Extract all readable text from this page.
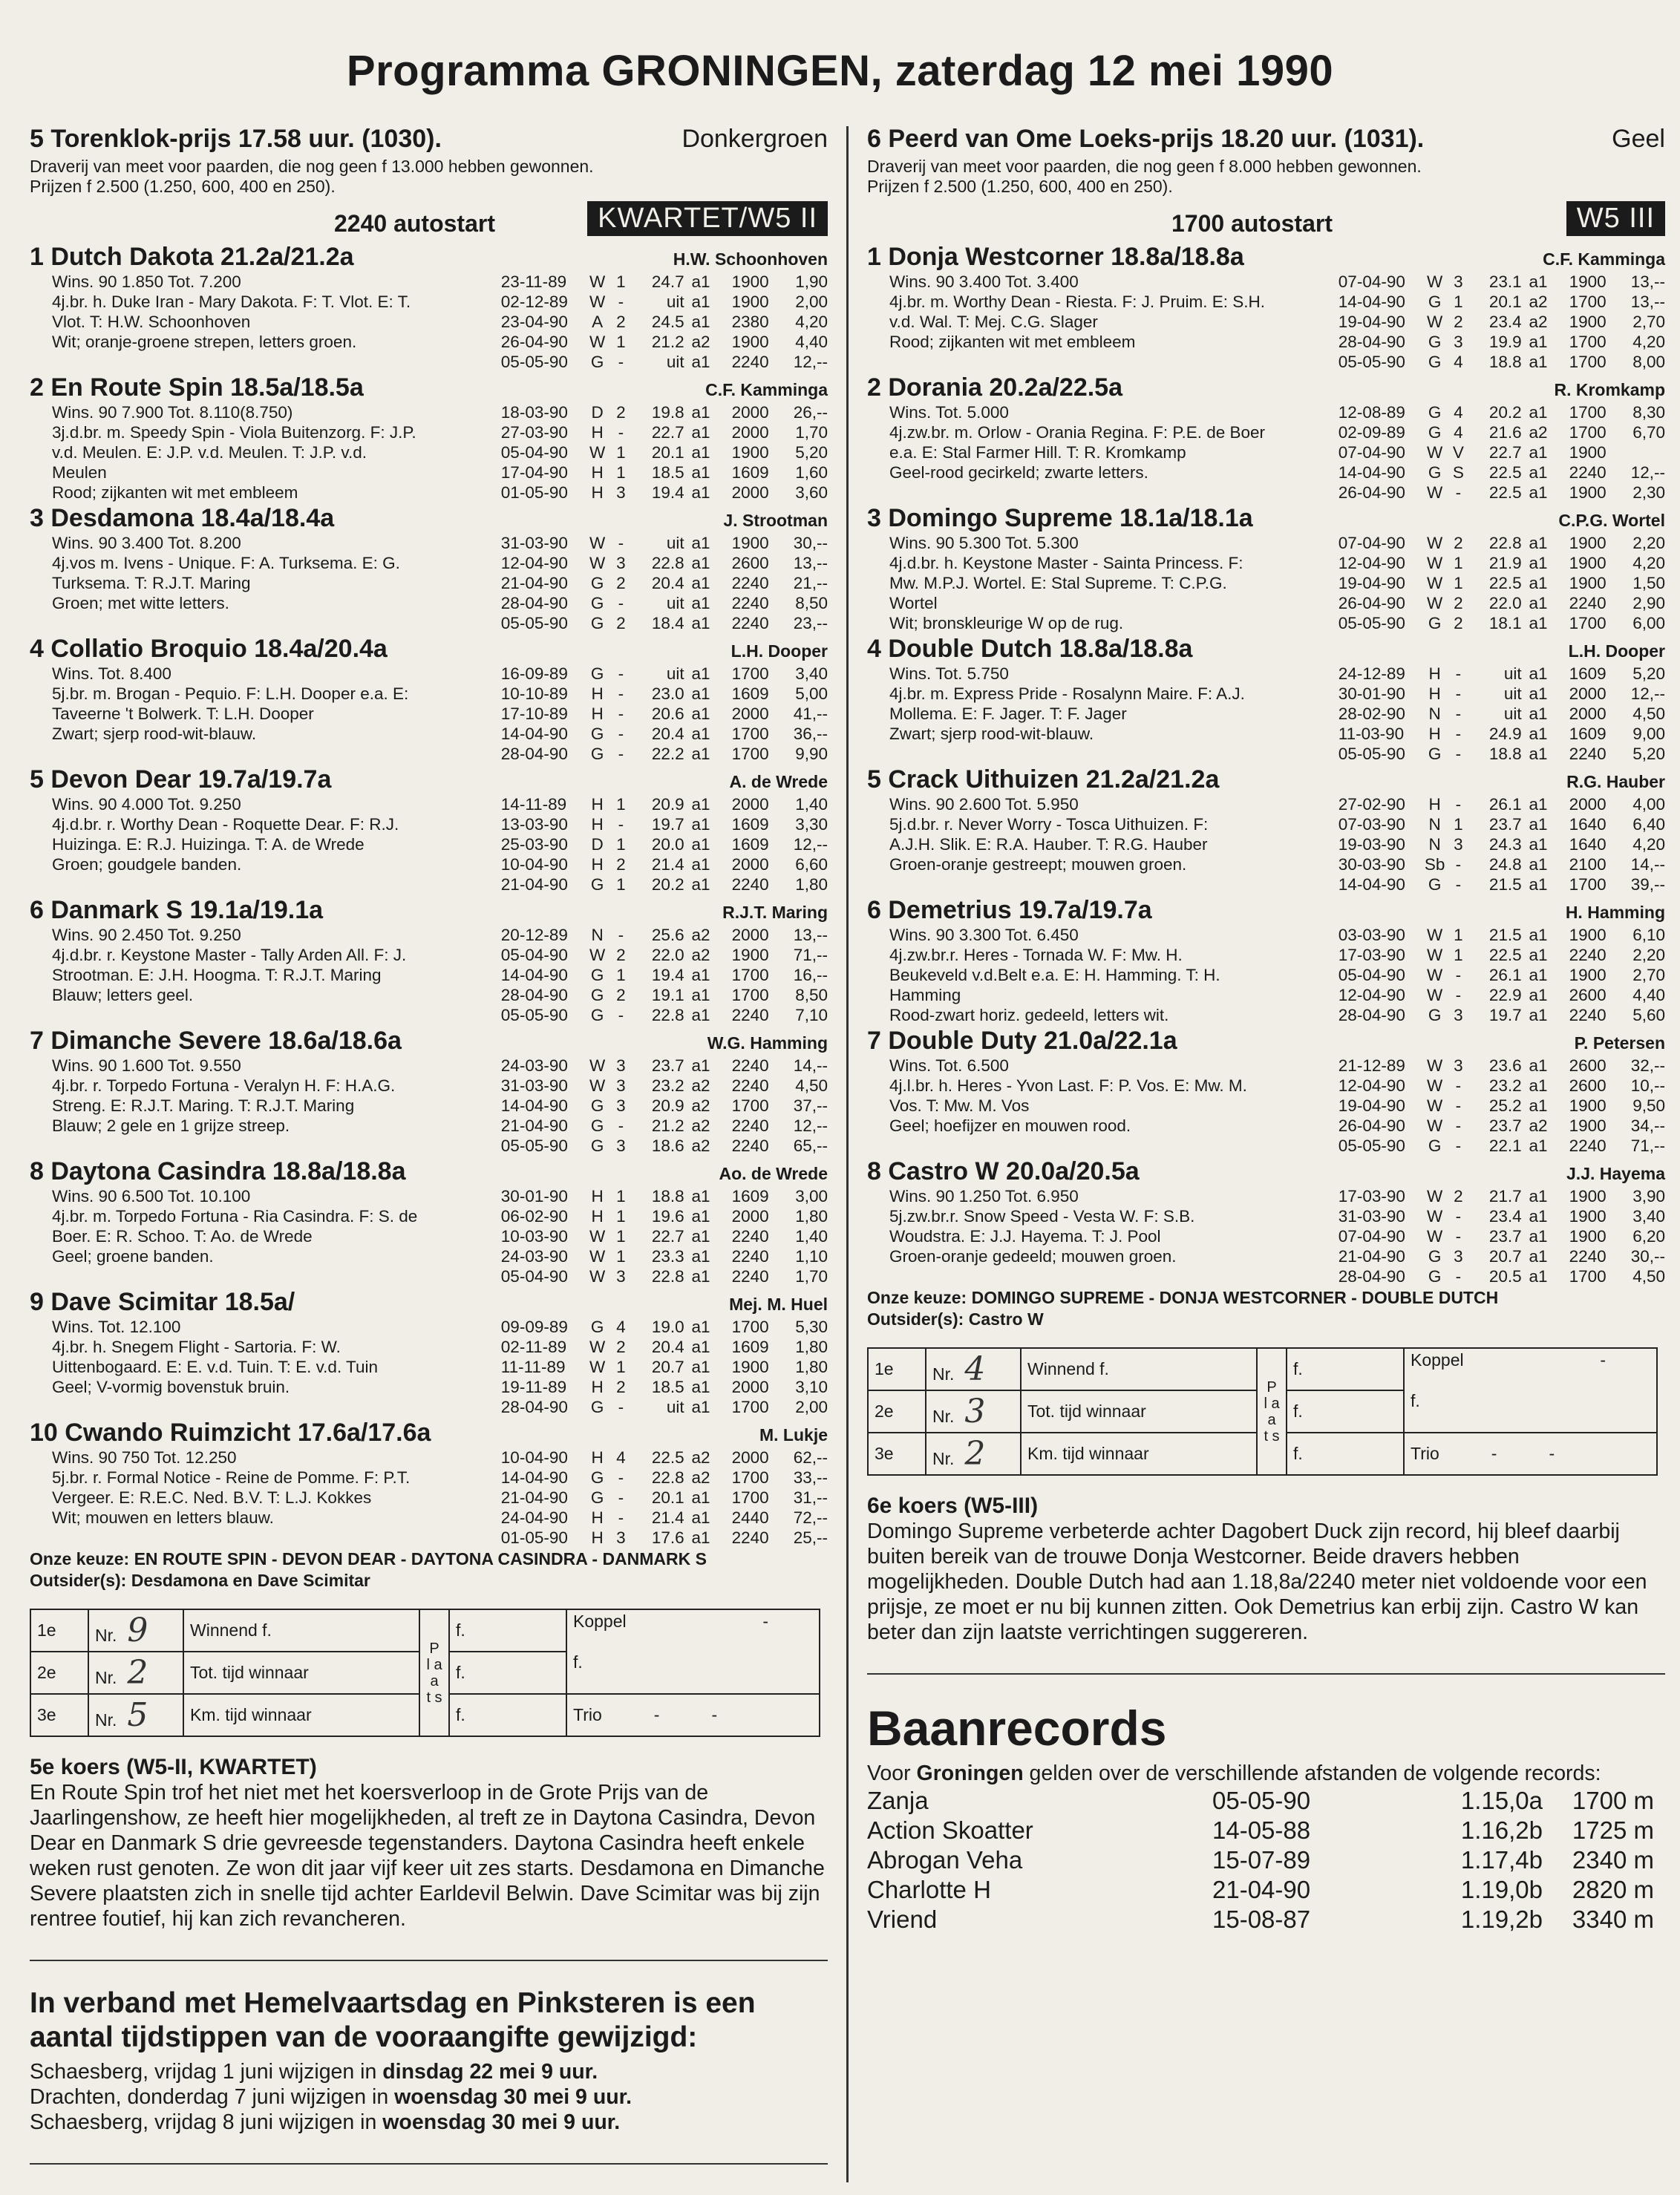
Programma GRONINGEN, zaterdag 12 mei 1990
5 Torenklok-prijs 17.58 uur. (1030).	Donkergroen
Draverij van meet voor paarden, die nog geen f 13.000 hebben gewonnen.
Prijzen f 2.500 (1.250, 600, 400 en 250).
2240 autostart	KWARTET/W5 II
1 Dutch Dakota 21.2a/21.2a	H.W. Schoonhoven
Wins. 90 1.850 Tot. 7.200	23-11-89	W 1	24.7 a1	1900	1,90
4j.br. h. Duke Iran - Mary Dakota. F: T. Vlot. E: T.	02-12-89	W -	uit a1	1900	2,00
Vlot. T: H.W. Schoonhoven	23-04-90	A 2	24.5 a1	2380	4,20
Wit; oranje-groene strepen, letters groen.	26-04-90	W 1	21.2 a2	1900	4,40
05-05-90	G -	uit a1	2240	12,--
2 En Route Spin 18.5a/18.5a	C.F. Kamminga
Wins. 90 7.900 Tot. 8.110(8.750)	18-03-90	D 2	19.8 a1	2000	26,--
3j.d.br. m. Speedy Spin - Viola Buitenzorg. F: J.P.	27-03-90	H -	22.7 a1	2000	1,70
v.d. Meulen. E: J.P. v.d. Meulen. T: J.P. v.d.	05-04-90	W 1	20.1 a1	1900	5,20
Meulen	17-04-90	H 1	18.5 a1	1609	1,60
Rood; zijkanten wit met embleem	01-05-90	H 3	19.4 a1	2000	3,60
3 Desdamona 18.4a/18.4a	J. Strootman
Wins. 90 3.400 Tot. 8.200	31-03-90	W -	uit a1	1900	30,--
4j.vos m. Ivens - Unique. F: A. Turksema. E: G.	12-04-90	W 3	22.8 a1	2600	13,--
Turksema. T: R.J.T. Maring	21-04-90	G 2	20.4 a1	2240	21,--
Groen; met witte letters.	28-04-90	G -	uit a1	2240	8,50
05-05-90	G 2	18.4 a1	2240	23,--
4 Collatio Broquio 18.4a/20.4a	L.H. Dooper
Wins. Tot. 8.400	16-09-89	G -	uit a1	1700	3,40
5j.br. m. Brogan - Pequio. F: L.H. Dooper e.a. E:	10-10-89	H -	23.0 a1	1609	5,00
Taveerne 't Bolwerk. T: L.H. Dooper	17-10-89	H -	20.6 a1	2000	41,--
Zwart; sjerp rood-wit-blauw.	14-04-90	G -	20.4 a1	1700	36,--
28-04-90	G -	22.2 a1	1700	9,90
5 Devon Dear 19.7a/19.7a	A. de Wrede
Wins. 90 4.000 Tot. 9.250	14-11-89	H 1	20.9 a1	2000	1,40
4j.d.br. r. Worthy Dean - Roquette Dear. F: R.J.	13-03-90	H -	19.7 a1	1609	3,30
Huizinga. E: R.J. Huizinga. T: A. de Wrede	25-03-90	D 1	20.0 a1	1609	12,--
Groen; goudgele banden.	10-04-90	H 2	21.4 a1	2000	6,60
21-04-90	G 1	20.2 a1	2240	1,80
6 Danmark S 19.1a/19.1a	R.J.T. Maring
Wins. 90 2.450 Tot. 9.250	20-12-89	N -	25.6 a2	2000	13,--
4j.d.br. r. Keystone Master - Tally Arden All. F: J.	05-04-90	W 2	22.0 a2	1900	71,--
Strootman. E: J.H. Hoogma. T: R.J.T. Maring	14-04-90	G 1	19.4 a1	1700	16,--
Blauw; letters geel.	28-04-90	G 2	19.1 a1	1700	8,50
05-05-90	G -	22.8 a1	2240	7,10
7 Dimanche Severe 18.6a/18.6a	W.G. Hamming
Wins. 90 1.600 Tot. 9.550	24-03-90	W 3	23.7 a1	2240	14,--
4j.br. r. Torpedo Fortuna - Veralyn H. F: H.A.G.	31-03-90	W 3	23.2 a2	2240	4,50
Streng. E: R.J.T. Maring. T: R.J.T. Maring	14-04-90	G 3	20.9 a2	1700	37,--
Blauw; 2 gele en 1 grijze streep.	21-04-90	G -	21.2 a2	2240	12,--
05-05-90	G 3	18.6 a2	2240	65,--
8 Daytona Casindra 18.8a/18.8a	Ao. de Wrede
Wins. 90 6.500 Tot. 10.100	30-01-90	H 1	18.8 a1	1609	3,00
4j.br. m. Torpedo Fortuna - Ria Casindra. F: S. de	06-02-90	H 1	19.6 a1	2000	1,80
Boer. E: R. Schoo. T: Ao. de Wrede	10-03-90	W 1	22.7 a1	2240	1,40
Geel; groene banden.	24-03-90	W 1	23.3 a1	2240	1,10
05-04-90	W 3	22.8 a1	2240	1,70
9 Dave Scimitar 18.5a/	Mej. M. Huel
Wins. Tot. 12.100	09-09-89	G 4	19.0 a1	1700	5,30
4j.br. h. Snegem Flight - Sartoria. F: W.	02-11-89	W 2	20.4 a1	1609	1,80
Uittenbogaard. E: E. v.d. Tuin. T: E. v.d. Tuin	11-11-89	W 1	20.7 a1	1900	1,80
Geel; V-vormig bovenstuk bruin.	19-11-89	H 2	18.5 a1	2000	3,10
28-04-90	G -	uit a1	1700	2,00
10 Cwando Ruimzicht 17.6a/17.6a	M. Lukje
Wins. 90 750 Tot. 12.250	10-04-90	H 4	22.5 a2	2000	62,--
5j.br. r. Formal Notice - Reine de Pomme. F: P.T.	14-04-90	G -	22.8 a2	1700	33,--
Vergeer. E: R.E.C. Ned. B.V. T: L.J. Kokkes	21-04-90	G -	20.1 a1	1700	31,--
Wit; mouwen en letters blauw.	24-04-90	H -	21.4 a1	2440	72,--
01-05-90	H 3	17.6 a1	2240	25,--
Onze keuze: EN ROUTE SPIN - DEVON DEAR - DAYTONA CASINDRA - DANMARK S
Outsider(s): Desdamona en Dave Scimitar
1e	Nr. 9	Winnend f.	P l a a t s	f.	Koppel -
f.

2e	Nr. 2	Tot. tijd winnaar		f.	
3e	Nr. 5	Km. tijd winnaar		f.	Trio - -
5e koers (W5-II, KWARTET)
En Route Spin trof het niet met het koersverloop in de Grote Prijs van de Jaarlingenshow, ze heeft hier mogelijkheden, al treft ze in Daytona Casindra, Devon Dear en Danmark S drie gevreesde tegenstanders. Daytona Casindra heeft enkele weken rust genoten. Ze won dit jaar vijf keer uit zes starts. Desdamona en Dimanche Severe plaatsten zich in snelle tijd achter Earldevil Belwin. Dave Scimitar was bij zijn rentree foutief, hij kan zich revancheren.
In verband met Hemelvaartsdag en Pinksteren is een aantal tijdstippen van de vooraangifte gewijzigd:
Schaesberg, vrijdag 1 juni wijzigen in dinsdag 22 mei 9 uur.
Drachten, donderdag 7 juni wijzigen in woensdag 30 mei 9 uur.
Schaesberg, vrijdag 8 juni wijzigen in woensdag 30 mei 9 uur.
6 Peerd van Ome Loeks-prijs 18.20 uur. (1031).	Geel
Draverij van meet voor paarden, die nog geen f 8.000 hebben gewonnen.
Prijzen f 2.500 (1.250, 600, 400 en 250).
1700 autostart	W5 III
1 Donja Westcorner 18.8a/18.8a	C.F. Kamminga
Wins. 90 3.400 Tot. 3.400	07-04-90	W 3	23.1 a1	1900	13,--
4j.br. m. Worthy Dean - Riesta. F: J. Pruim. E: S.H.	14-04-90	G 1	20.1 a2	1700	13,--
v.d. Wal. T: Mej. C.G. Slager	19-04-90	W 2	23.4 a2	1900	2,70
Rood; zijkanten wit met embleem	28-04-90	G 3	19.9 a1	1700	4,20
05-05-90	G 4	18.8 a1	1700	8,00
2 Dorania 20.2a/22.5a	R. Kromkamp
Wins. Tot. 5.000	12-08-89	G 4	20.2 a1	1700	8,30
4j.zw.br. m. Orlow - Orania Regina. F: P.E. de Boer	02-09-89	G 4	21.6 a2	1700	6,70
e.a. E: Stal Farmer Hill. T: R. Kromkamp	07-04-90	W V	22.7 a1	1900
Geel-rood gecirkeld; zwarte letters.	14-04-90	G S	22.5 a1	2240	12,--
26-04-90	W -	22.5 a1	1900	2,30
3 Domingo Supreme 18.1a/18.1a	C.P.G. Wortel
Wins. 90 5.300 Tot. 5.300	07-04-90	W 2	22.8 a1	1900	2,20
4j.d.br. h. Keystone Master - Sainta Princess. F:	12-04-90	W 1	21.9 a1	1900	4,20
Mw. M.P.J. Wortel. E: Stal Supreme. T: C.P.G.	19-04-90	W 1	22.5 a1	1900	1,50
Wortel	26-04-90	W 2	22.0 a1	2240	2,90
Wit; bronskleurige W op de rug.	05-05-90	G 2	18.1 a1	1700	6,00
4 Double Dutch 18.8a/18.8a	L.H. Dooper
Wins. Tot. 5.750	24-12-89	H -	uit a1	1609	5,20
4j.br. m. Express Pride - Rosalynn Maire. F: A.J.	30-01-90	H -	uit a1	2000	12,--
Mollema. E: F. Jager. T: F. Jager	28-02-90	N -	uit a1	2000	4,50
Zwart; sjerp rood-wit-blauw.	11-03-90	H -	24.9 a1	1609	9,00
05-05-90	G -	18.8 a1	2240	5,20
5 Crack Uithuizen 21.2a/21.2a	R.G. Hauber
Wins. 90 2.600 Tot. 5.950	27-02-90	H -	26.1 a1	2000	4,00
5j.d.br. r. Never Worry - Tosca Uithuizen. F:	07-03-90	N 1	23.7 a1	1640	6,40
A.J.H. Slik. E: R.A. Hauber. T: R.G. Hauber	19-03-90	N 3	24.3 a1	1640	4,20
Groen-oranje gestreept; mouwen groen.	30-03-90	Sb -	24.8 a1	2100	14,--
14-04-90	G -	21.5 a1	1700	39,--
6 Demetrius 19.7a/19.7a	H. Hamming
Wins. 90 3.300 Tot. 6.450	03-03-90	W 1	21.5 a1	1900	6,10
4j.zw.br.r. Heres - Tornada W. F: Mw. H.	17-03-90	W 1	22.5 a1	2240	2,20
Beukeveld v.d.Belt e.a. E: H. Hamming. T: H.	05-04-90	W -	26.1 a1	1900	2,70
Hamming	12-04-90	W -	22.9 a1	2600	4,40
Rood-zwart horiz. gedeeld, letters wit.	28-04-90	G 3	19.7 a1	2240	5,60
7 Double Duty 21.0a/22.1a	P. Petersen
Wins. Tot. 6.500	21-12-89	W 3	23.6 a1	2600	32,--
4j.l.br. h. Heres - Yvon Last. F: P. Vos. E: Mw. M.	12-04-90	W -	23.2 a1	2600	10,--
Vos. T: Mw. M. Vos	19-04-90	W -	25.2 a1	1900	9,50
Geel; hoefijzer en mouwen rood.	26-04-90	W -	23.7 a2	1900	34,--
05-05-90	G -	22.1 a1	2240	71,--
8 Castro W 20.0a/20.5a	J.J. Hayema
Wins. 90 1.250 Tot. 6.950	17-03-90	W 2	21.7 a1	1900	3,90
5j.zw.br.r. Snow Speed - Vesta W. F: S.B.	31-03-90	W -	23.4 a1	1900	3,40
Woudstra. E: J.J. Hayema. T: J. Pool	07-04-90	W -	23.7 a1	1900	6,20
Groen-oranje gedeeld; mouwen groen.	21-04-90	G 3	20.7 a1	2240	30,--
28-04-90	G -	20.5 a1	1700	4,50
Onze keuze: DOMINGO SUPREME - DONJA WESTCORNER - DOUBLE DUTCH
Outsider(s): Castro W
1e	Nr. 4	Winnend f.	P l a a t s	f.	Koppel -
f.

2e	Nr. 3	Tot. tijd winnaar		f.	
3e	Nr. 2	Km. tijd winnaar		f.	Trio - -
6e koers (W5-III)
Domingo Supreme verbeterde achter Dagobert Duck zijn record, hij bleef daarbij buiten bereik van de trouwe Donja Westcorner. Beide dravers hebben mogelijkheden. Double Dutch had aan 1.18,8a/2240 meter niet voldoende voor een prijsje, ze moet er nu bij kunnen zitten. Ook Demetrius kan erbij zijn. Castro W kan beter dan zijn laatste verrichtingen suggereren.
Baanrecords
Voor Groningen gelden over de verschillende afstanden de volgende records:
Zanja	05-05-90	1.15,0a	1700 m
Action Skoatter	14-05-88	1.16,2b	1725 m
Abrogan Veha	15-07-89	1.17,4b	2340 m
Charlotte H	21-04-90	1.19,0b	2820 m
Vriend	15-08-87	1.19,2b	3340 m
